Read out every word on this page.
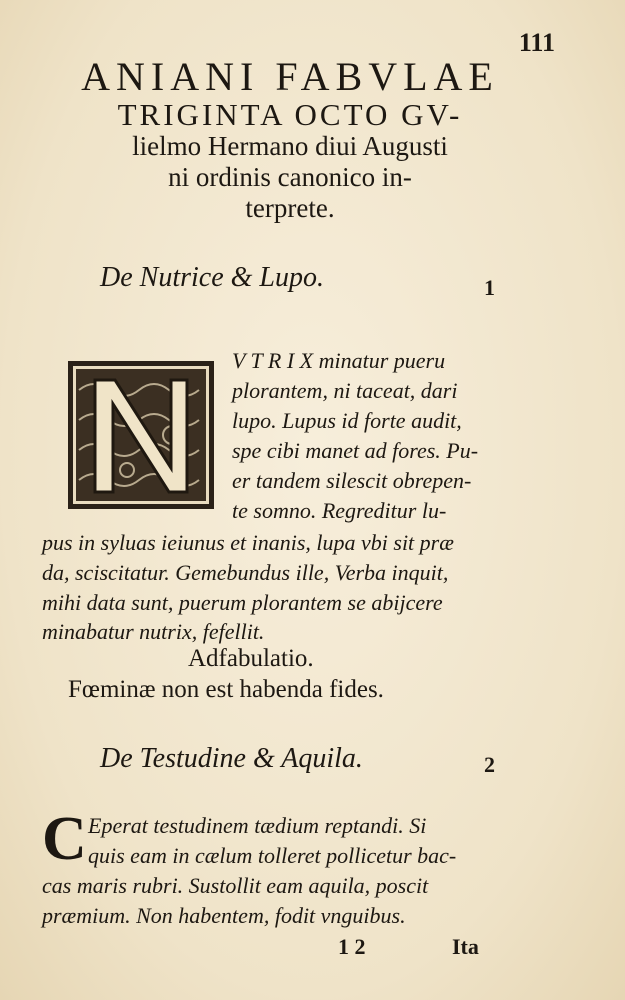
111
ANIANI FABVLAE
TRIGINTA OCTO GV-
lielmo Hermano diui Augusti
ni ordinis canonico in-
terprete.
De Nutrice & Lupo.	1
V T R I X minatur pueru
plorantem, ni taceat, dari
lupo. Lupus id forte audit,
spe cibi manet ad fores. Pu-
er tandem silescit obrepen-
te somno. Regreditur lu-
pus in syluas ieiunus et inanis, lupa vbi sit præ
da, sciscitatur. Gemebundus ille, Verba inquit,
mihi data sunt, puerum plorantem se abijcere
minabatur nutrix, fefellit.
Adfabulatio.
Fœminæ non est habenda fides.
De Testudine & Aquila.	2
C Eperat testudinem tædium reptandi. Si
quis eam in cælum tolleret pollicetur bac-
cas maris rubri. Sustollit eam aquila, poscit
præmium. Non habentem, fodit vnguibus.
1 2	Ita
